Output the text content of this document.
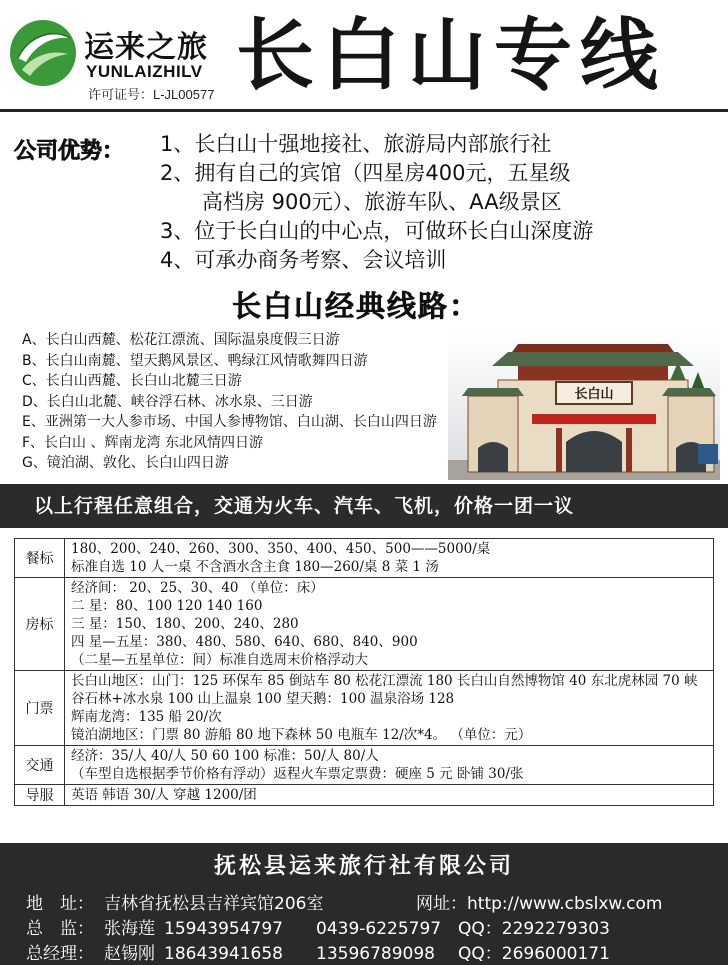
运来之旅
YUNLAIZHILV
许可证号：L-JL00577 长白山专线
公司优势： 1、长白山十强地接社、旅游局内部旅行社
2、拥有自己的宾馆（四星房400元，五星级
高档房 900元）、旅游车队、AA级景区
3、位于长白山的中心点，可做环长白山深度游
4、可承办商务考察、会议培训
长白山经典线路：
长白山
A、长白山西麓、松花江漂流、国际温泉度假三日游
B、长白山南麓、望天鹅风景区、鸭绿江风情歌舞四日游
C、长白山西麓、长白山北麓三日游
D、长白山北麓、峡谷浮石林、冰水泉、三日游
E、亚洲第一大人参市场、中国人参博物馆、白山湖、长白山四日游
F、长白山 、辉南龙湾 东北风情四日游
G、镜泊湖、敦化、长白山四日游
以上行程任意组合，交通为火车、汽车、飞机，价格一团一议
餐标	180、200、240、260、300、350、400、450、500——5000/桌
标准自选 10 人一桌 不含酒水含主食 180—260/桌 8 菜 1 汤

房标	经济间： 20、25、30、40 （单位：床）
二 星：80、100 120 140 160
三 星：150、180、200、240、280
四 星—五星：380、480、580、640、680、840、900
（二星—五星单位：间）标准自选周末价格浮动大

门票	长白山地区：山门：125 环保车 85 倒站车 80 松花江漂流 180 长白山自然博物馆 40 东北虎林园 70 峡谷石林+冰水泉 100 山上温泉 100 望天鹅：100 温泉浴场 128
辉南龙湾：135 船 20/次
镜泊湖地区：门票 80 游船 80 地下森林 50 电瓶车 12/次*4。 （单位：元）

交通	经济：35/人 40/人 50 60 100 标准：50/人 80/人
（车型自选根据季节价格有浮动）返程火车票定票费：硬座 5 元 卧铺 30/张

导服	英语 韩语 30/人 穿越 1200/团
抚松县运来旅行社有限公司
地　址： 吉林省抚松县吉祥宾馆206室	网址：http://www.cbslxw.com
总　监： 张海莲 15943954797 0439-6225797 QQ：2292279303
总经理： 赵锡刚 18643941658 13596789098 QQ：2696000171
